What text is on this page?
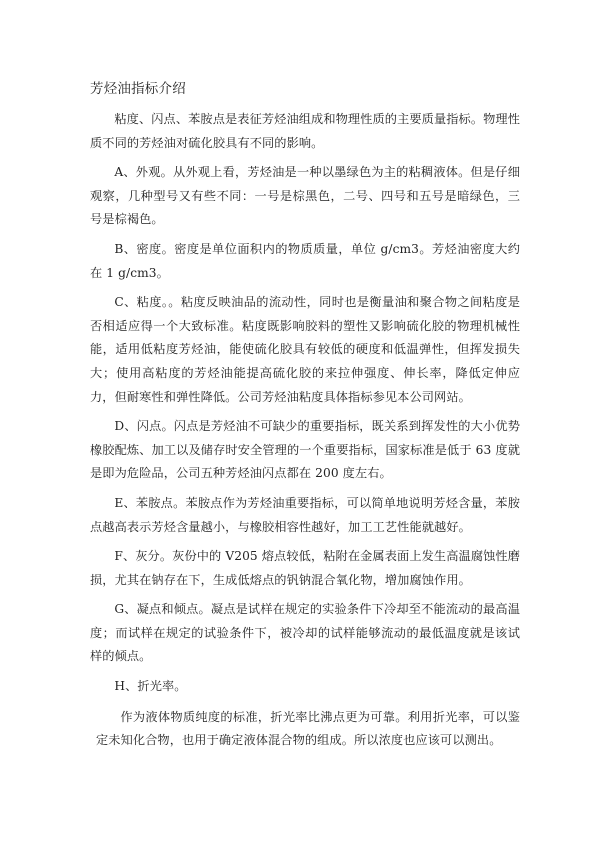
芳烃油指标介绍

粘度、闪点、苯胺点是表征芳烃油组成和物理性质的主要质量指标。物理性质不同的芳烃油对硫化胶具有不同的影响。

A、外观。从外观上看，芳烃油是一种以墨绿色为主的粘稠液体。但是仔细观察，几种型号又有些不同：一号是棕黑色，二号、四号和五号是暗绿色，三号是棕褐色。

B、密度。密度是单位面积内的物质质量，单位 g/cm3。芳烃油密度大约在 1 g/cm3。

C、粘度。。粘度反映油品的流动性，同时也是衡量油和聚合物之间粘度是否相适应得一个大致标准。粘度既影响胶料的塑性又影响硫化胶的物理机械性能，适用低粘度芳烃油，能使硫化胶具有较低的硬度和低温弹性，但挥发损失大；使用高粘度的芳烃油能提高硫化胶的来拉伸强度、伸长率，降低定伸应力，但耐寒性和弹性降低。公司芳烃油粘度具体指标参见本公司网站。

D、闪点。闪点是芳烃油不可缺少的重要指标，既关系到挥发性的大小优势橡胶配炼、加工以及储存时安全管理的一个重要指标，国家标准是低于 63 度就是即为危险品，公司五种芳烃油闪点都在 200 度左右。

E、苯胺点。苯胺点作为芳烃油重要指标，可以简单地说明芳烃含量，苯胺点越高表示芳烃含量越小，与橡胶相容性越好，加工工艺性能就越好。

F、灰分。灰份中的 V205 熔点较低，粘附在金属表面上发生高温腐蚀性磨损，尤其在钠存在下，生成低熔点的钒钠混合氧化物，增加腐蚀作用。

G、凝点和倾点。凝点是试样在规定的实验条件下冷却至不能流动的最高温度；而试样在规定的试验条件下，被冷却的试样能够流动的最低温度就是该试样的倾点。

H、折光率。

作为液体物质纯度的标准，折光率比沸点更为可靠。利用折光率，可以鉴定未知化合物，也用于确定液体混合物的组成。所以浓度也应该可以测出。
